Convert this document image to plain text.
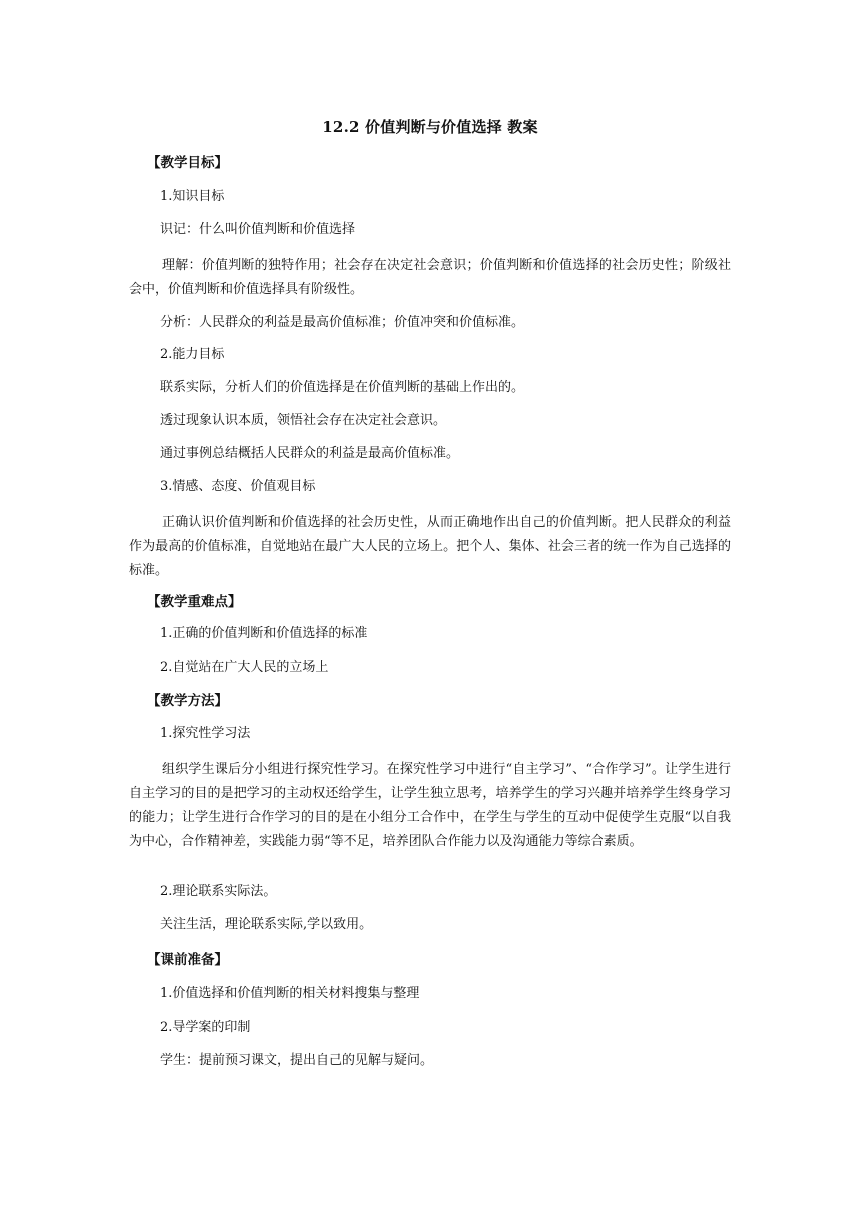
12.2 价值判断与价值选择 教案
【教学目标】
1.知识目标
识记：什么叫价值判断和价值选择
理解：价值判断的独特作用；社会存在决定社会意识；价值判断和价值选择的社会历史性；阶级社会中，价值判断和价值选择具有阶级性。
分析：人民群众的利益是最高价值标准；价值冲突和价值标准。
2.能力目标
联系实际，分析人们的价值选择是在价值判断的基础上作出的。
透过现象认识本质，领悟社会存在决定社会意识。
通过事例总结概括人民群众的利益是最高价值标准。
3.情感、态度、价值观目标
正确认识价值判断和价值选择的社会历史性，从而正确地作出自己的价值判断。把人民群众的利益作为最高的价值标准，自觉地站在最广大人民的立场上。把个人、集体、社会三者的统一作为自己选择的标准。
【教学重难点】
1.正确的价值判断和价值选择的标准
2.自觉站在广大人民的立场上
【教学方法】
1.探究性学习法
组织学生课后分小组进行探究性学习。在探究性学习中进行“自主学习”、“合作学习”。让学生进行自主学习的目的是把学习的主动权还给学生，让学生独立思考，培养学生的学习兴趣并培养学生终身学习的能力；让学生进行合作学习的目的是在小组分工合作中，在学生与学生的互动中促使学生克服“以自我为中心，合作精神差，实践能力弱“等不足，培养团队合作能力以及沟通能力等综合素质。
2.理论联系实际法。
关注生活，理论联系实际,学以致用。
【课前准备】
1.价值选择和价值判断的相关材料搜集与整理
2.导学案的印制
学生：提前预习课文，提出自己的见解与疑问。
